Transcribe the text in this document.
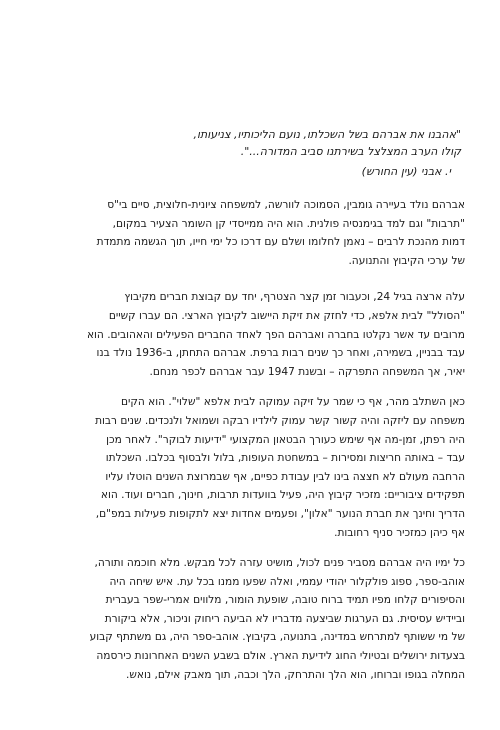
"אהבנו את אברהם בשל השכלתו, נועם הליכותיו, צניעותו,
קולו הערב המצלצל בשירתנו סביב המדורה...".
י. אבני (עין החורש)

אברהם נולד בעיירה גומבין, הסמוכה לוורשה, למשפחה ציונית-חלוצית, סיים בי"ס
"תרבות" וגם למד בגימנסיה פולנית. הוא היה ממייסדי קן השומר הצעיר במקום,
דמות מהנכת לרבים – נאמן לחלומו ושלם עם דרכו כל ימי חייו, תוך הגשמה מתמדת
של ערכי הקיבוץ והתנועה.

עלה ארצה בגיל 24, וכעבור זמן קצר הצטרף, יחד עם קבוצת חברים מקיבוץ
"הסולל" לבית אלפא, כדי לחזק את זיקת היישוב לקיבוץ הארצי. הם עברו קשיים
מרובים עד אשר נקלטו בחברה ואברהם הפך לאחד החברים הפעילים והאהובים. הוא
עבד בבניין, בשמירה, ואחר כך שנים רבות ברפת. אברהם התחתן, ב-1936 נולד בנו
יאיר, אך המשפחה התפרקה – ובשנת 1947 עבר אברהם לכפר מנחם.

כאן השתלב מהר, אף כי שמר על זיקה עמוקה לבית אלפא "שלוי". הוא הקים
משפחה עם ליזקה והיה קשור קשר עמוק לילדיו רבקה ושמואל ולנכדים. שנים רבות
היה רפתן, זמן-מה אף שימש כעורך הבטאון המקצועי "ידיעות לבוקר". לאחר מכן
עבד – באותה חריצות ומסירות – במשחטת העופות, בלול ולבסוף בכלבו. השכלתו
הרחבה מעולם לא חצצה בינו לבין עבודת כפיים, אף שבמרוצת השנים הוטלו עליו
תפקידים ציבוריים: מזכיר קיבוץ היה, פעיל בוועדות תרבות, חינוך, חברים ועוד. הוא
הדריך וחינך את חברת הנוער "אלון", ופעמים אחדות יצא לתקופות פעילות במפ"ם,
אף כיהן כמזכיר סניף רחובות.

כל ימיו היה אברהם מסביר פנים לכול, מושיט עזרה לכל מבקש. מלא חוכמה ותורה,
אוהב-ספר, ספוג פולקלור יהודי עממי, ואלה שפעו ממנו בכל עת. איש שיחה היה
והסיפורים קלחו מפיו תמיד ברוח טובה, שופעת הומור, מלווים אמרי-שפר בעברית
וביידיש עסיסית. גם הערגות שביצעה מדבריו לא הביעה ריחוק וניכור, אלא ביקורת
של מי ששותף למתרחש במדינה, בתנועה, בקיבוץ. אוהב-ספר היה, גם משתתף קבוע
בצעדות ירושלים ובטיולי החוג לידיעת הארץ. אולם בשבע השנים האחרונות כירסמה
המחלה בגופו וברוחו, הוא הלך והתרחק, הלך וכבה, תוך מאבק אילם, נואש.
